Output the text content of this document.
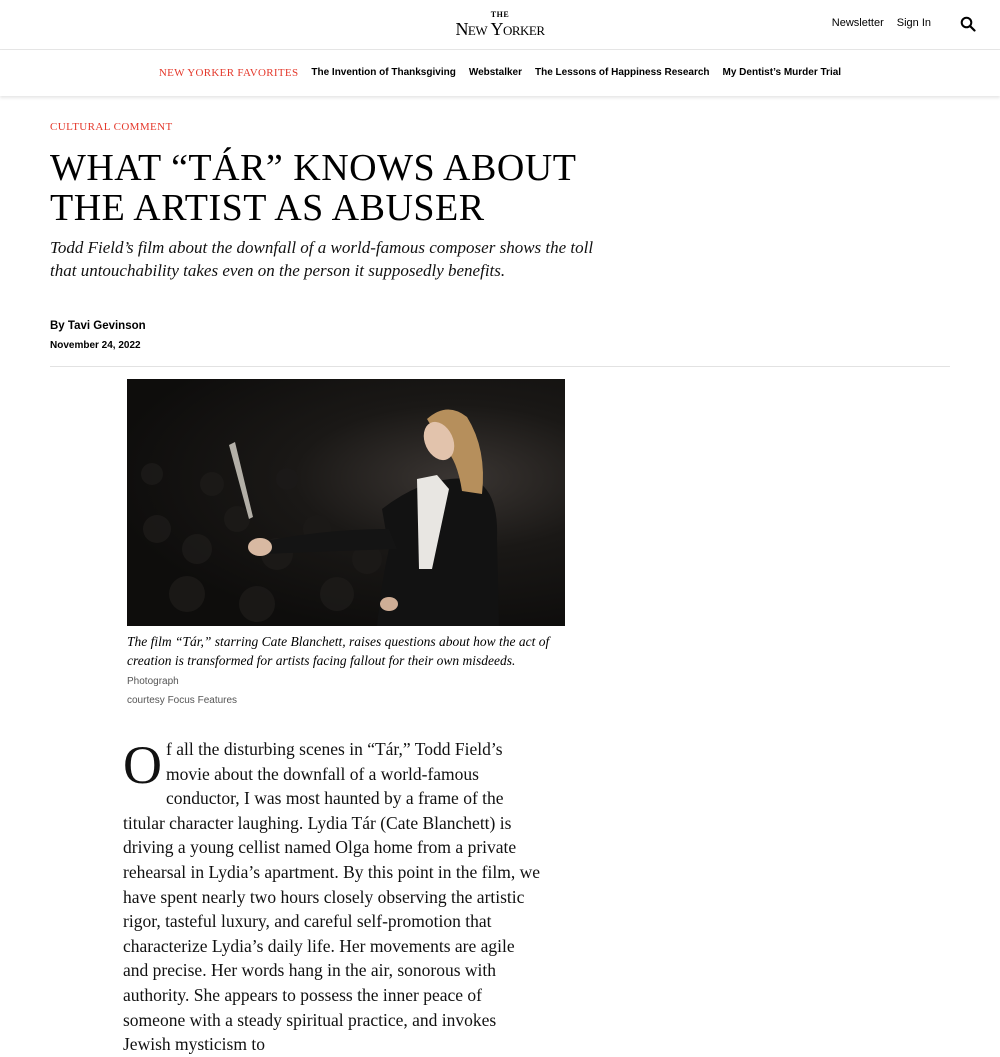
THE
New Yorker	Newsletter Sign In
NEW YORKER FAVORITES The Invention of Thanksgiving Webstalker The Lessons of Happiness Research My Dentist’s Murder Trial
CULTURAL COMMENT
WHAT “TÁR” KNOWS ABOUT THE ARTIST AS ABUSER
Todd Field’s film about the downfall of a world-famous composer shows the toll that untouchability takes even on the person it supposedly benefits.
By Tavi Gevinson
November 24, 2022
The film “Tár,” starring Cate Blanchett, raises questions about how the act of creation is transformed for artists facing fallout for their own misdeeds. Photograph
courtesy Focus Features
Of all the disturbing scenes in “Tár,” Todd Field’s movie about the downfall of a world-famous conductor, I was most haunted by a frame of the titular character laughing. Lydia Tár (Cate Blanchett) is driving a young cellist named Olga home from a private rehearsal in Lydia’s apartment. By this point in the film, we have spent nearly two hours closely observing the artistic rigor, tasteful luxury, and careful self-promotion that characterize Lydia’s daily life. Her movements are agile and precise. Her words hang in the air, sonorous with authority. She appears to possess the inner peace of someone with a steady spiritual practice, and invokes Jewish mysticism to
